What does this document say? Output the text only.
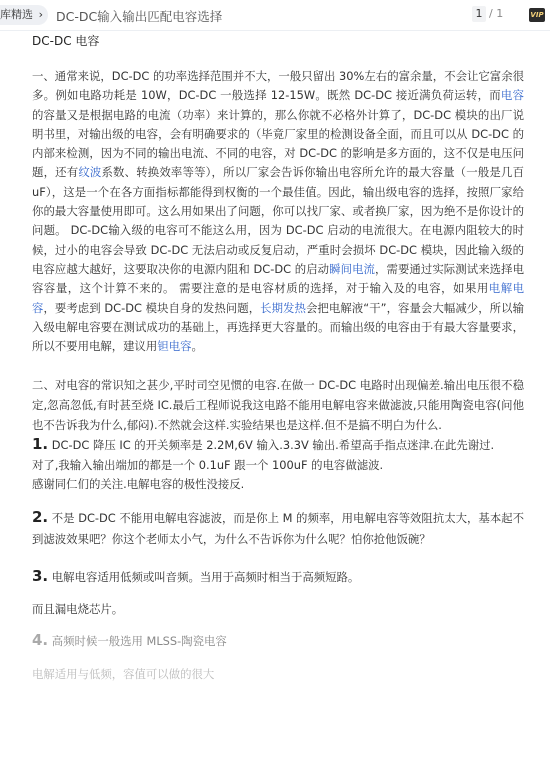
库精选 › DC-DC输入输出匹配电容选择	1 / 1	VIP
DC-DC 电容

一、通常来说，DC-DC 的功率选择范围并不大，一般只留出 30%左右的富余量，不会让它富余很多。例如电路功耗是 10W，DC-DC 一般选择 12-15W。既然 DC-DC 接近满负荷运转，而电容的容量又是根据电路的电流（功率）来计算的，那么你就不必格外计算了，DC-DC 模块的出厂说明书里，对输出级的电容，会有明确要求的（毕竟厂家里的检测设备全面，而且可以从 DC-DC 的内部来检测，因为不同的输出电流、不同的电容，对 DC-DC 的影响是多方面的，这不仅是电压问题，还有纹波系数、转换效率等等），所以厂家会告诉你输出电容所允许的最大容量（一般是几百 uF），这是一个在各方面指标都能得到权衡的一个最佳值。因此，输出级电容的选择，按照厂家给你的最大容量使用即可。这么用如果出了问题，你可以找厂家、或者换厂家，因为绝不是你设计的问题。 DC-DC输入级的电容可不能这么用，因为 DC-DC 启动的电流很大。在电源内阻较大的时候，过小的电容会导致 DC-DC 无法启动或反复启动，严重时会损坏 DC-DC 模块，因此输入级的电容应越大越好，这要取决你的电源内阻和 DC-DC 的启动瞬间电流，需要通过实际测试来选择电容容量，这个计算不来的。 需要注意的是电容材质的选择，对于输入及的电容，如果用电解电容，要考虑到 DC-DC 模块自身的发热问题，长期发热会把电解液“干”，容量会大幅减少，所以输入级电解电容要在测试成功的基础上，再选择更大容量的。而输出级的电容由于有最大容量要求，所以不要用电解，建议用钽电容。

二、对电容的常识知之甚少,平时司空见惯的电容.在做一 DC-DC 电路时出现偏差.输出电压很不稳定,忽高忽低,有时甚至烧 IC.最后工程师说我这电路不能用电解电容来做滤波,只能用陶瓷电容(问他也不告诉我为什么,郁闷).不然就会这样.实验结果也是这样.但不是搞不明白为什么.

1. DC-DC 降压 IC 的开关频率是 2.2M,6V 输入.3.3V 输出.希望高手指点迷津.在此先谢过.
对了,我输入输出端加的都是一个 0.1uF 跟一个 100uF 的电容做滤波.
感谢同仁们的关注.电解电容的极性没接反.
2. 不是 DC-DC 不能用电解电容滤波，而是你上 M 的频率，用电解电容等效阻抗太大，基本起不到滤波效果吧？你这个老师太小气，为什么不告诉你为什么呢？怕你抢他饭碗？
3. 电解电容适用低频或叫音频。当用于高频时相当于高频短路。
而且漏电烧芯片。
4. 高频时候一般选用 MLSS-陶瓷电容
电解适用与低频，容值可以做的很大
